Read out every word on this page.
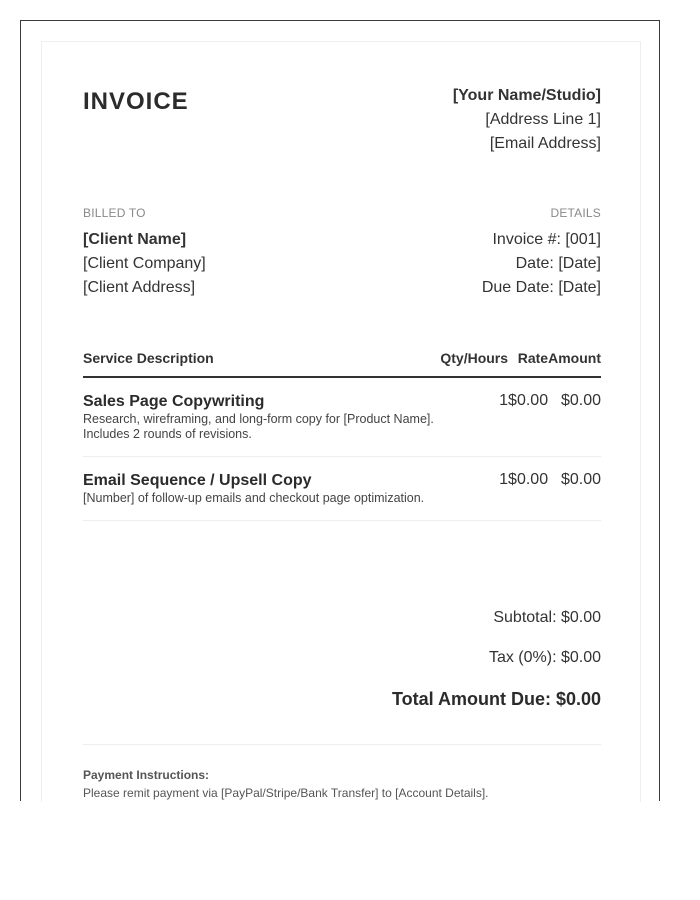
INVOICE	[Your Name/Studio]
[Address Line 1]
[Email Address]
BILLED TO
[Client Name]
[Client Company]
[Client Address]
DETAILS
Invoice #: [001]
Date: [Date]
Due Date: [Date]
Service Description	Qty/Hours	Rate	Amount

Sales Page Copywriting
Research, wireframing, and long-form copy for [Product Name]. Includes 2 rounds of revisions.	1	$0.00	$0.00

Email Sequence / Upsell Copy
[Number] of follow-up emails and checkout page optimization.	1	$0.00	$0.00
Subtotal: $0.00
Tax (0%): $0.00
Total Amount Due: $0.00
Payment Instructions:
Please remit payment via [PayPal/Stripe/Bank Transfer] to [Account Details].
